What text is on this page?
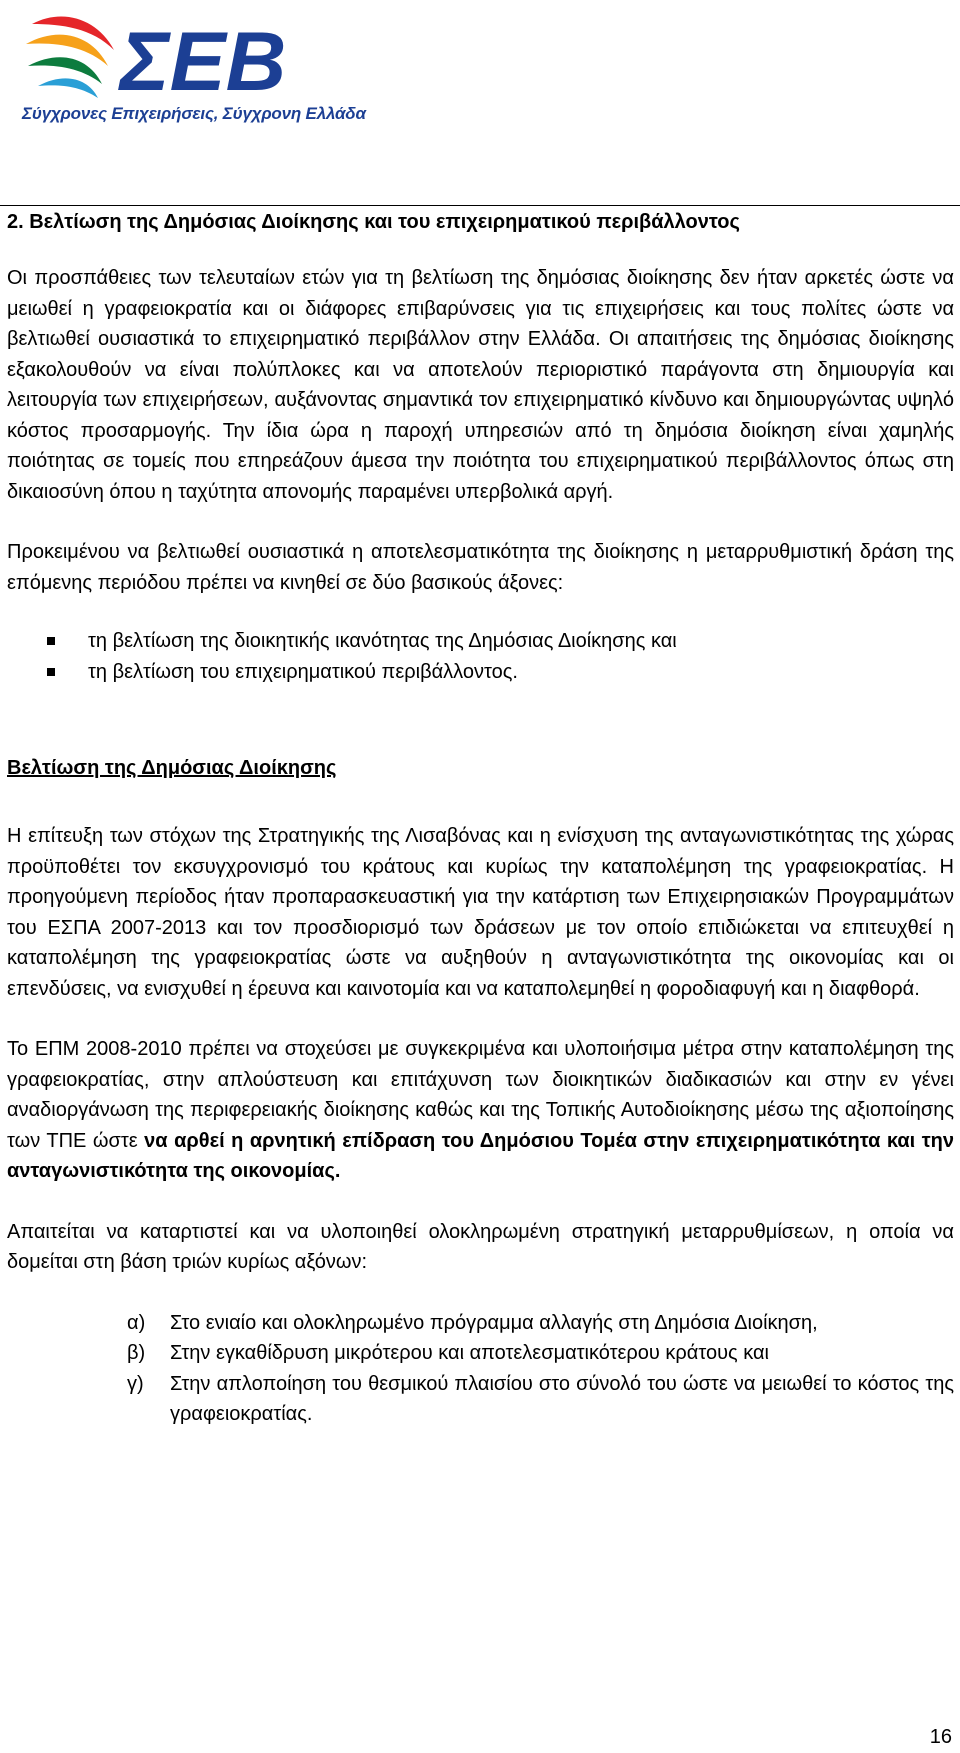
ΣΕΒ
Σύγχρονες Επιχειρήσεις, Σύγχρονη Ελλάδα
2. Βελτίωση της Δημόσιας Διοίκησης και του επιχειρηματικού περιβάλλοντος

Οι προσπάθειες των τελευταίων ετών για τη βελτίωση της δημόσιας διοίκησης δεν ήταν αρκετές ώστε να μειωθεί η γραφειοκρατία και οι διάφορες επιβαρύνσεις για τις επιχειρήσεις και τους πολίτες ώστε να βελτιωθεί ουσιαστικά το επιχειρηματικό περιβάλλον στην Ελλάδα. Οι απαιτήσεις της δημόσιας διοίκησης εξακολουθούν να είναι πολύπλοκες και να αποτελούν περιοριστικό παράγοντα στη δημιουργία και λειτουργία των επιχειρήσεων, αυξάνοντας σημαντικά τον επιχειρηματικό κίνδυνο και δημιουργώντας υψηλό κόστος προσαρμογής. Την ίδια ώρα η παροχή υπηρεσιών από τη δημόσια διοίκηση είναι χαμηλής ποιότητας σε τομείς που επηρεάζουν άμεσα την ποιότητα του επιχειρηματικού περιβάλλοντος όπως στη δικαιοσύνη όπου η ταχύτητα απονομής παραμένει υπερβολικά αργή.

Προκειμένου να βελτιωθεί ουσιαστικά η αποτελεσματικότητα της διοίκησης η μεταρρυθμιστική δράση της επόμενης περιόδου πρέπει να κινηθεί σε δύο βασικούς άξονες:

τη βελτίωση της διοικητικής ικανότητας της Δημόσιας Διοίκησης και
τη βελτίωση του επιχειρηματικού περιβάλλοντος.
Βελτίωση της Δημόσιας Διοίκησης

Η επίτευξη των στόχων της Στρατηγικής της Λισαβόνας και η ενίσχυση της ανταγωνιστικότητας της χώρας προϋποθέτει τον εκσυγχρονισμό του κράτους και κυρίως την καταπολέμηση της γραφειοκρατίας. Η προηγούμενη περίοδος ήταν προπαρασκευαστική για την κατάρτιση των Επιχειρησιακών Προγραμμάτων του ΕΣΠΑ 2007-2013 και τον προσδιορισμό των δράσεων με τον οποίο επιδιώκεται να επιτευχθεί η καταπολέμηση της γραφειοκρατίας ώστε να αυξηθούν η ανταγωνιστικότητα της οικονομίας και οι επενδύσεις, να ενισχυθεί η έρευνα και καινοτομία και να καταπολεμηθεί η φοροδιαφυγή και η διαφθορά.

Το ΕΠΜ 2008-2010 πρέπει να στοχεύσει με συγκεκριμένα και υλοποιήσιμα μέτρα στην καταπολέμηση της γραφειοκρατίας, στην απλούστευση και επιτάχυνση των διοικητικών διαδικασιών και στην εν γένει αναδιοργάνωση της περιφερειακής διοίκησης καθώς και της Τοπικής Αυτοδιοίκησης μέσω της αξιοποίησης των ΤΠΕ ώστε να αρθεί η αρνητική επίδραση του Δημόσιου Τομέα στην επιχειρηματικότητα και την ανταγωνιστικότητα της οικονομίας.

Απαιτείται να καταρτιστεί και να υλοποιηθεί ολοκληρωμένη στρατηγική μεταρρυθμίσεων, η οποία να δομείται στη βάση τριών κυρίως αξόνων:

α) Στο ενιαίο και ολοκληρωμένο πρόγραμμα αλλαγής στη Δημόσια Διοίκηση,
β) Στην εγκαθίδρυση μικρότερου και αποτελεσματικότερου κράτους και
γ) Στην απλοποίηση του θεσμικού πλαισίου στο σύνολό του ώστε να μειωθεί το κόστος της γραφειοκρατίας.
16
